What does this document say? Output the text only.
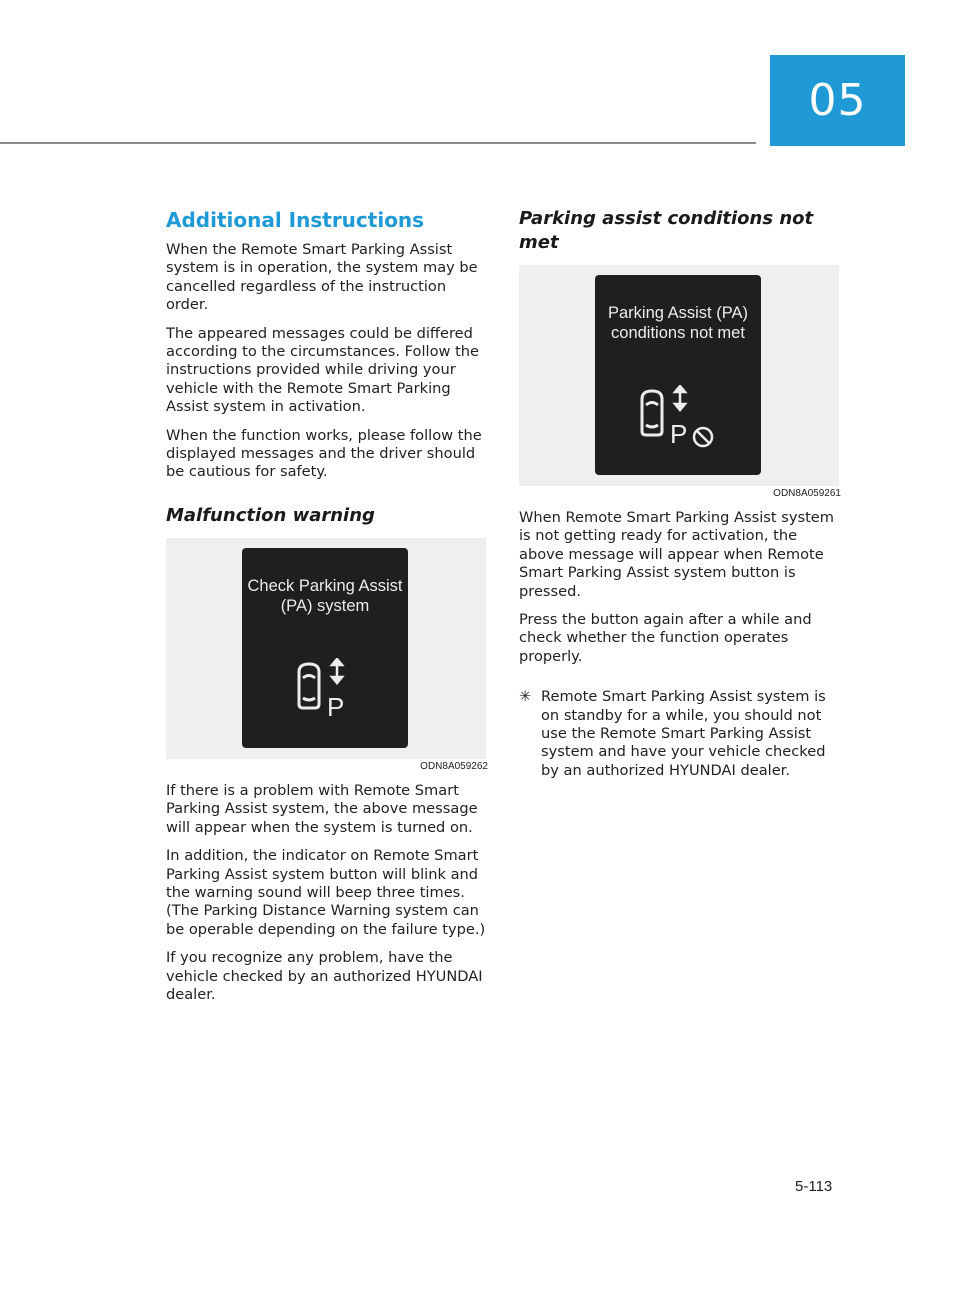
05
Additional Instructions

When the Remote Smart Parking Assist system is in operation, the system may be cancelled regardless of the instruction order.

The appeared messages could be differed according to the circumstances. Follow the instructions provided while driving your vehicle with the Remote Smart Parking Assist system in activation.

When the function works, please follow the displayed messages and the driver should be cautious for safety.

Malfunction warning
Check Parking Assist (PA) system
P
ODN8A059262

If there is a problem with Remote Smart Parking Assist system, the above message will appear when the system is turned on.

In addition, the indicator on Remote Smart Parking Assist system button will blink and the warning sound will beep three times. (The Parking Distance Warning system can be operable depending on the failure type.)

If you recognize any problem, have the vehicle checked by an authorized HYUNDAI dealer.

Parking assist conditions not met
Parking Assist (PA) conditions not met
P
ODN8A059261

When Remote Smart Parking Assist system is not getting ready for activation, the above message will appear when Remote Smart Parking Assist system button is pressed.

Press the button again after a while and check whether the function operates properly.

✳ Remote Smart Parking Assist system is on standby for a while, you should not use the Remote Smart Parking Assist system and have your vehicle checked by an authorized HYUNDAI dealer.
5-113
